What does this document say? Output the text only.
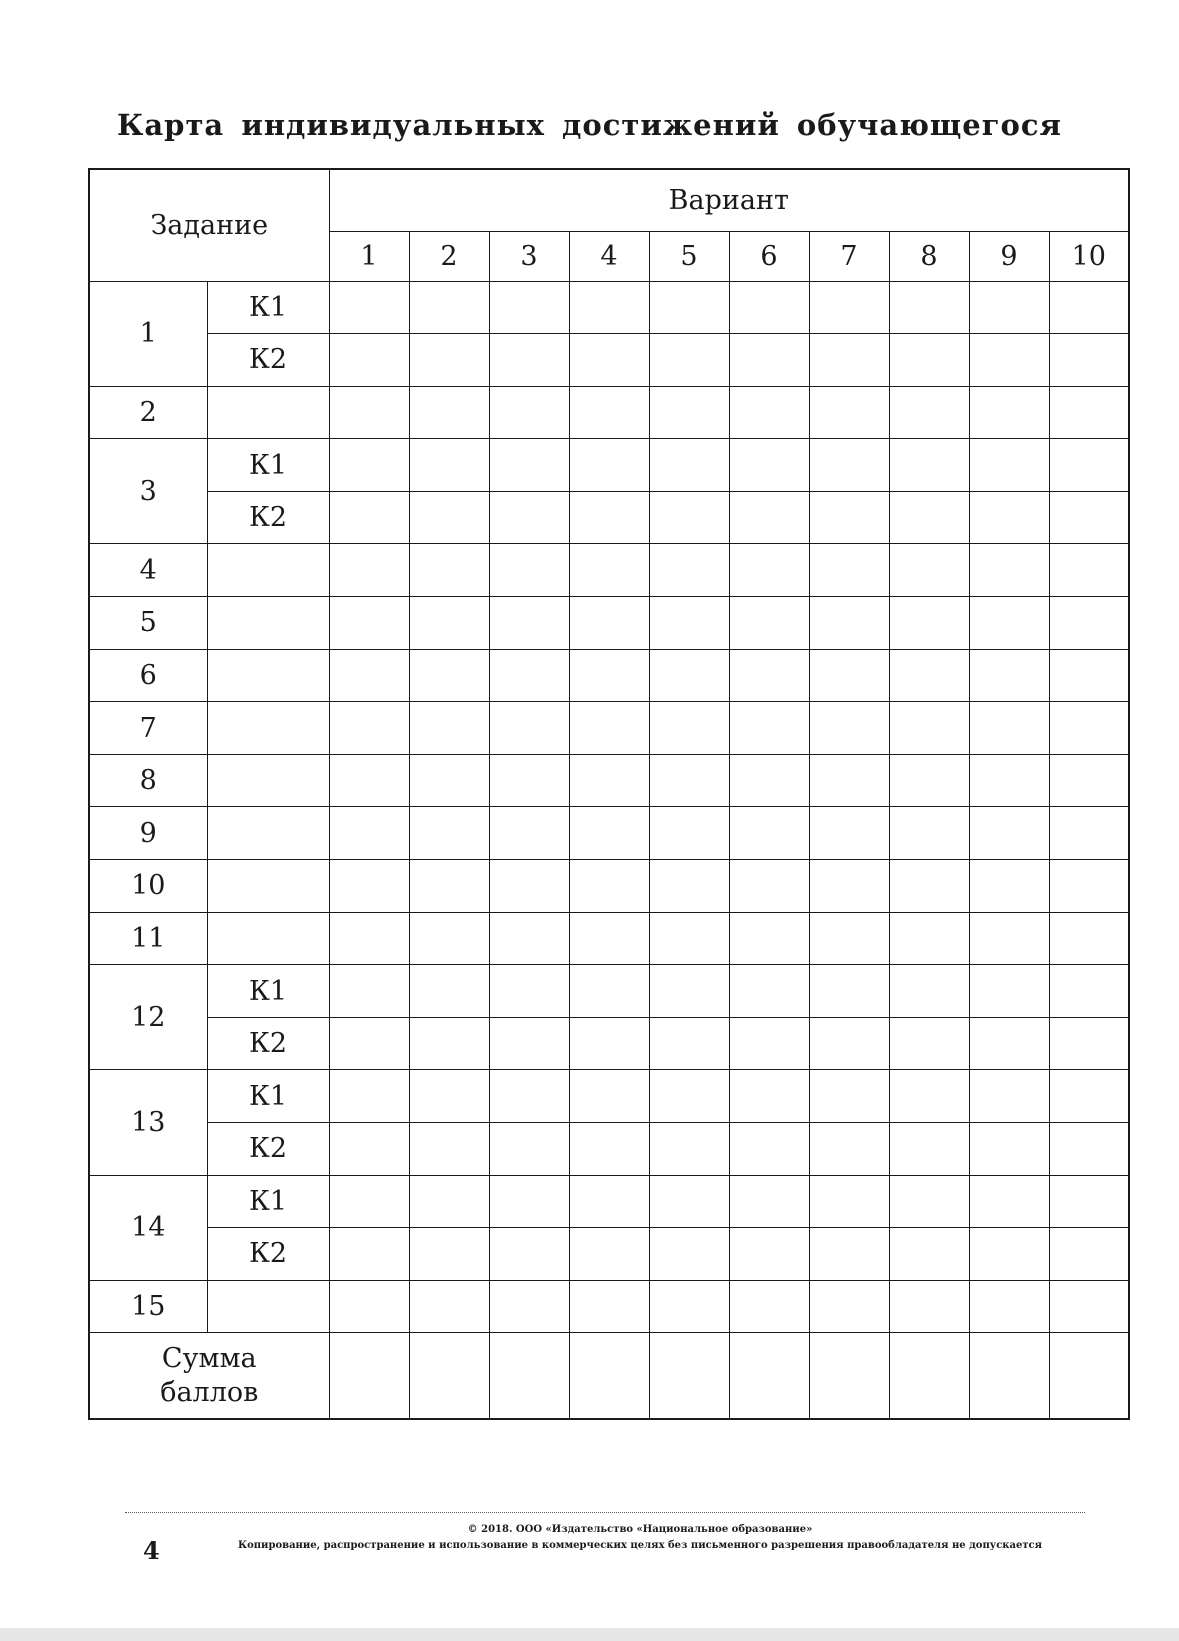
Карта индивидуальных достижений обучающегося
Задание		Вариант									
		1	2	3	4	5	6	7	8	9	10
1	К1										
	К2										
2											
3	К1										
	К2										
4											
5											
6											
7											
8											
9											
10											
11											
12	К1										
	К2										
13	К1										
	К2										
14	К1										
	К2										
15											

Сумма
баллов											

4
© 2018. ООО «Издательство «Национальное образование»
Копирование, распространение и использование в коммерческих целях без письменного разрешения правообладателя не допускается
